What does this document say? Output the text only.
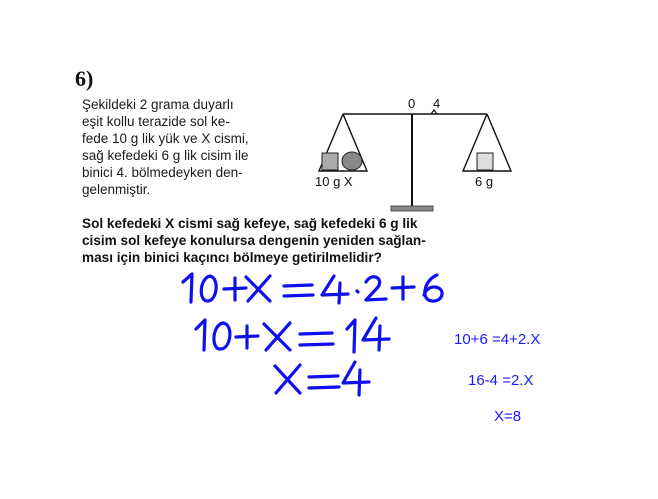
6)
Şekildeki 2 grama duyarlı
eşit kollu terazide sol ke-
fede 10 g lik yük ve X cismi,
sağ kefedeki 6 g lik cisim ile
binici 4. bölmedeyken den-
gelenmiştir.
0 4
10 g X	6 g
Sol kefedeki X cismi sağ kefeye, sağ kefedeki 6 g lik
cisim sol kefeye konulursa dengenin yeniden sağlan-
ması için binici kaçıncı bölmeye getirilmelidir?
10+6 =4+2.X
16-4 =2.X
X=8
